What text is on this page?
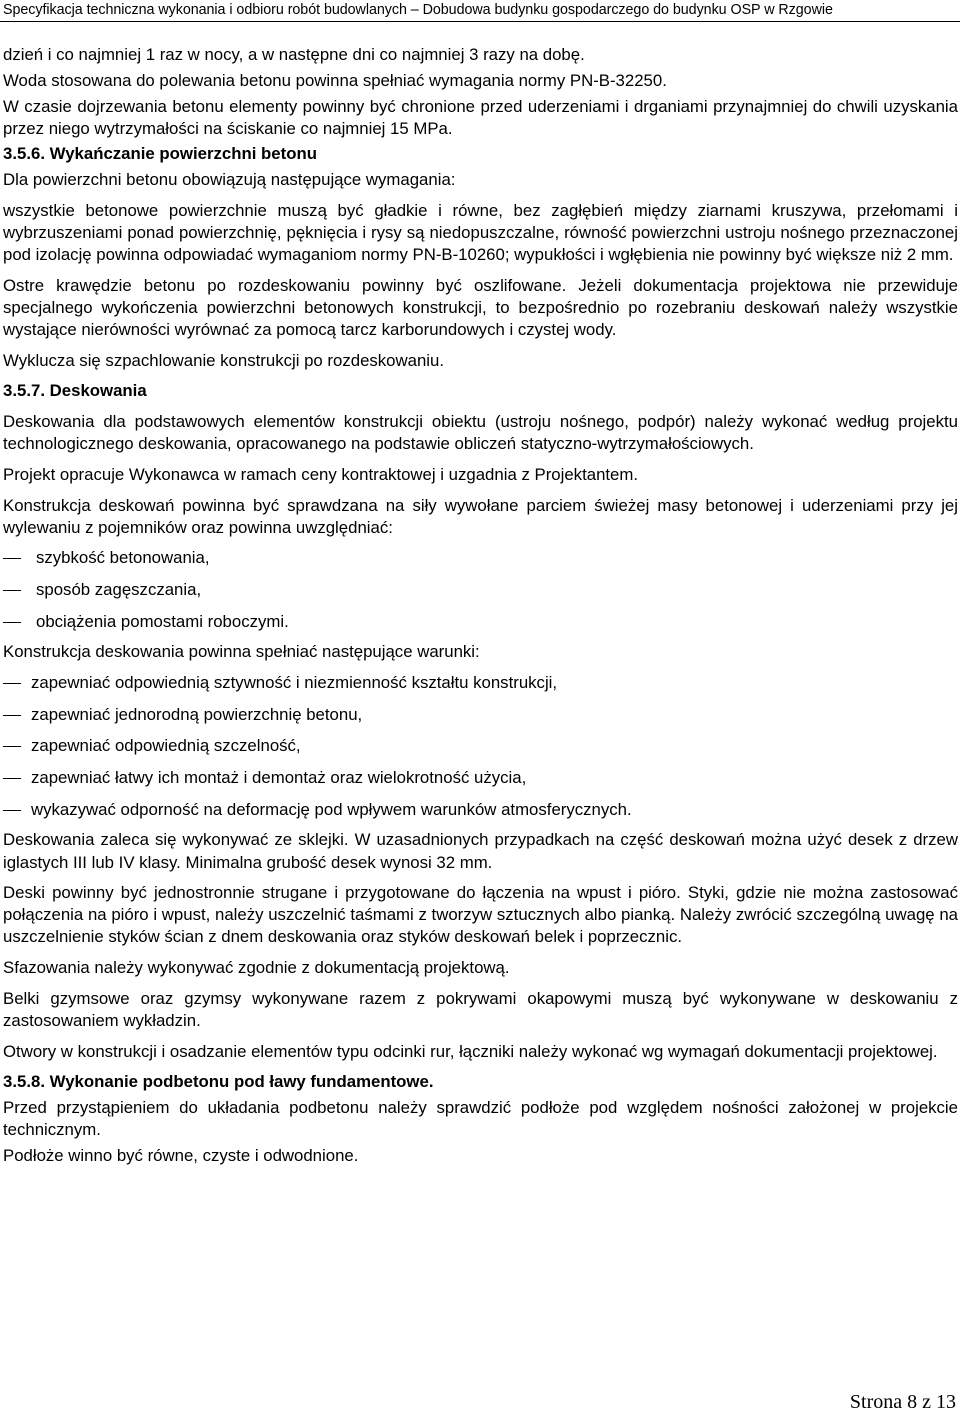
Specyfikacja techniczna wykonania i odbioru robót budowlanych – Dobudowa budynku gospodarczego do budynku OSP w Rzgowie

dzień i co najmniej 1 raz w nocy, a w następne dni co najmniej 3 razy na dobę.

Woda stosowana do polewania betonu powinna spełniać wymagania normy PN-B-32250.

W czasie dojrzewania betonu elementy powinny być chronione przed uderzeniami i drganiami przynajmniej do chwili uzyskania przez niego wytrzymałości na ściskanie co najmniej 15 MPa.

3.5.6. Wykańczanie powierzchni betonu

Dla powierzchni betonu obowiązują następujące wymagania:

wszystkie betonowe powierzchnie muszą być gładkie i równe, bez zagłębień między ziarnami kruszywa, przełomami i wybrzuszeniami ponad powierzchnię, pęknięcia i rysy są niedopuszczalne, równość powierzchni ustroju nośnego przeznaczonej pod izolację powinna odpowiadać wymaganiom normy PN-B-10260; wypukłości i wgłębienia nie powinny być większe niż 2 mm.

Ostre krawędzie betonu po rozdeskowaniu powinny być oszlifowane. Jeżeli dokumentacja projektowa nie przewiduje specjalnego wykończenia powierzchni betonowych konstrukcji, to bezpośrednio po rozebraniu deskowań należy wszystkie wystające nierówności wyrównać za pomocą tarcz karborundowych i czystej wody.

Wyklucza się szpachlowanie konstrukcji po rozdeskowaniu.

3.5.7. Deskowania

Deskowania dla podstawowych elementów konstrukcji obiektu (ustroju nośnego, podpór) należy wykonać według projektu technologicznego deskowania, opracowanego na podstawie obliczeń statyczno-wytrzymałościowych.

Projekt opracuje Wykonawca w ramach ceny kontraktowej i uzgadnia z Projektantem.

Konstrukcja deskowań powinna być sprawdzana na siły wywołane parciem świeżej masy betonowej i uderzeniami przy jej wylewaniu z pojemników oraz powinna uwzględniać:

szybkość betonowania,
sposób zagęszczania,
obciążenia pomostami roboczymi.

Konstrukcja deskowania powinna spełniać następujące warunki:

zapewniać odpowiednią sztywność i niezmienność kształtu konstrukcji,
zapewniać jednorodną powierzchnię betonu,
zapewniać odpowiednią szczelność,
zapewniać łatwy ich montaż i demontaż oraz wielokrotność użycia,
wykazywać odporność na deformację pod wpływem warunków atmosferycznych.

Deskowania zaleca się wykonywać ze sklejki. W uzasadnionych przypadkach na część deskowań można użyć desek z drzew iglastych III lub IV klasy. Minimalna grubość desek wynosi 32 mm.

Deski powinny być jednostronnie strugane i przygotowane do łączenia na wpust i pióro. Styki, gdzie nie można zastosować połączenia na pióro i wpust, należy uszczelnić taśmami z tworzyw sztucznych albo pianką. Należy zwrócić szczególną uwagę na uszczelnienie styków ścian z dnem deskowania oraz styków deskowań belek i poprzecznic.

Sfazowania należy wykonywać zgodnie z dokumentacją projektową.

Belki gzymsowe oraz gzymsy wykonywane razem z pokrywami okapowymi muszą być wykonywane w deskowaniu z zastosowaniem wykładzin.

Otwory w konstrukcji i osadzanie elementów typu odcinki rur, łączniki należy wykonać wg wymagań dokumentacji projektowej.

3.5.8. Wykonanie podbetonu pod ławy fundamentowe.

Przed przystąpieniem do układania podbetonu należy sprawdzić podłoże pod względem nośności założonej w projekcie technicznym.

Podłoże winno być równe, czyste i odwodnione.

Strona 8 z 13
